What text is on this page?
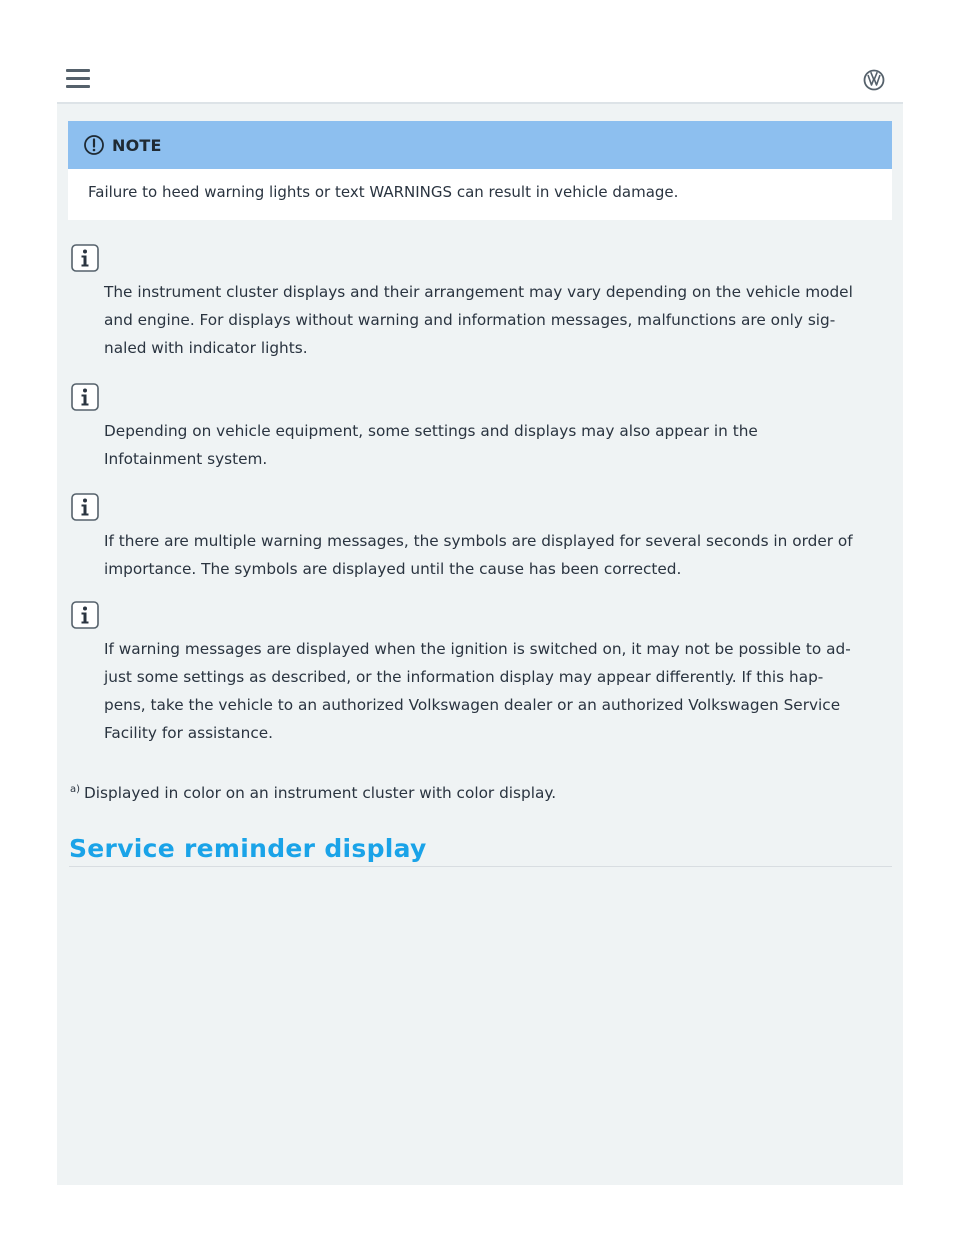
NOTE
Failure to heed warning lights or text WARNINGS can result in vehicle damage.
The instrument cluster displays and their arrangement may vary depending on the vehicle model
and engine. For displays without warning and information messages, malfunctions are only sig-
naled with indicator lights.
Depending on vehicle equipment, some settings and displays may also appear in the
Infotainment system.
If there are multiple warning messages, the symbols are displayed for several seconds in order of
importance. The symbols are displayed until the cause has been corrected.
If warning messages are displayed when the ignition is switched on, it may not be possible to ad-
just some settings as described, or the information display may appear differently. If this hap-
pens, take the vehicle to an authorized Volkswagen dealer or an authorized Volkswagen Service
Facility for assistance.
$^{a)}$ Displayed in color on an instrument cluster with color display.
Service reminder display
